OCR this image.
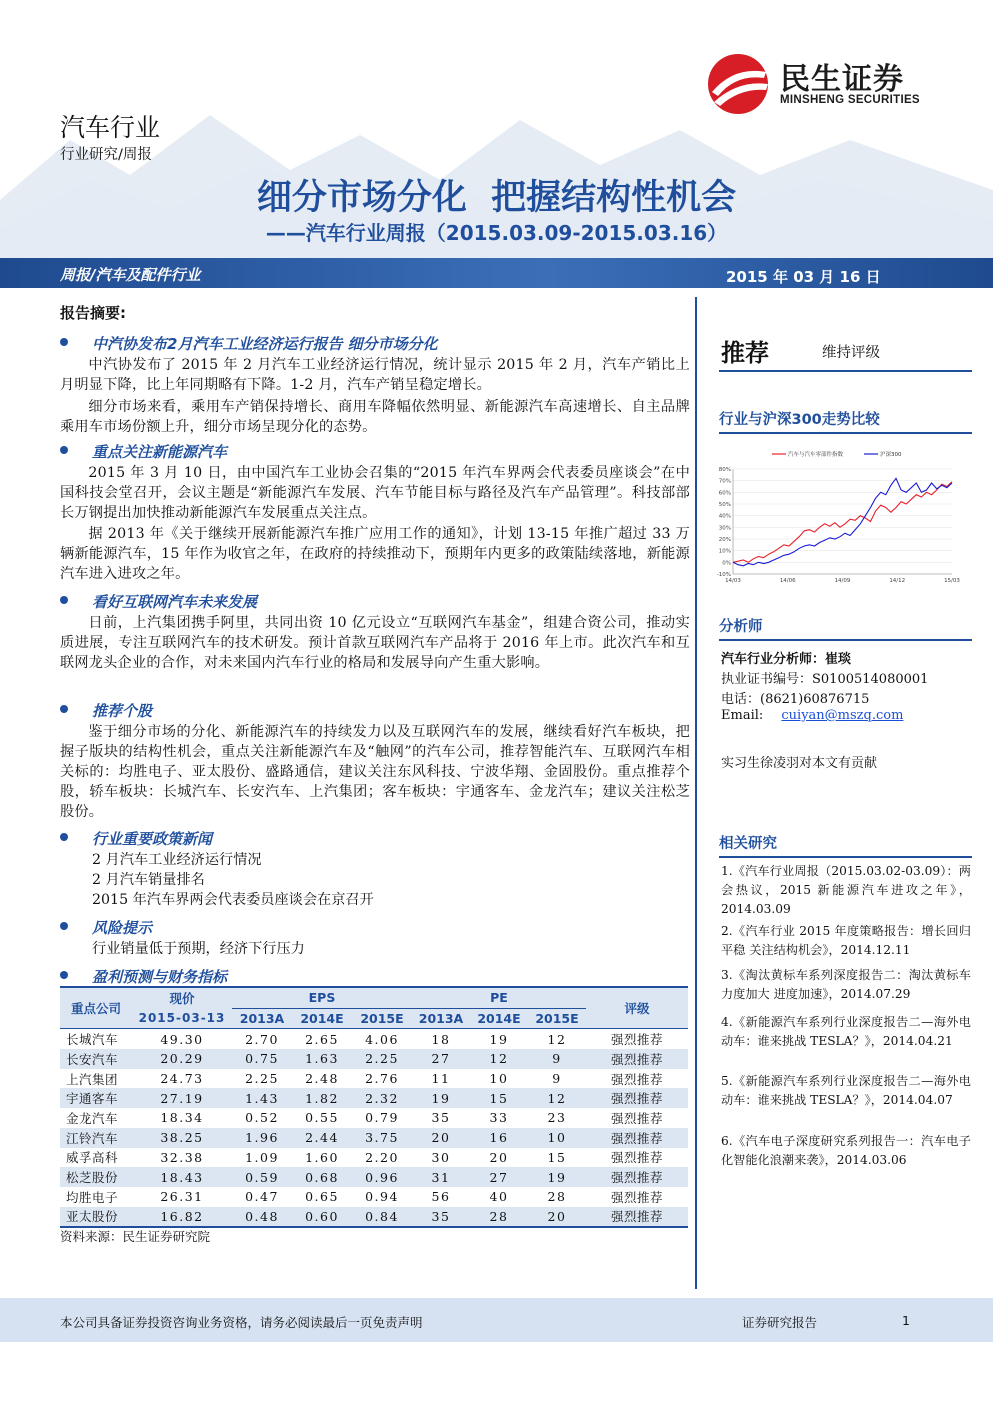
民生证券
MINSHENG SECURITIES
汽车行业
行业研究/周报
细分市场分化  把握结构性机会
——汽车行业周报（2015.03.09-2015.03.16）
周报/汽车及配件行业	2015 年 03 月 16 日
报告摘要:
中汽协发布2月汽车工业经济运行报告 细分市场分化
中汽协发布了 2015 年 2 月汽车工业经济运行情况，统计显示 2015 年 2 月，汽车产销比上月明显下降，比上年同期略有下降。1-2 月，汽车产销呈稳定增长。
细分市场来看，乘用车产销保持增长、商用车降幅依然明显、新能源汽车高速增长、自主品牌乘用车市场份额上升，细分市场呈现分化的态势。
重点关注新能源汽车
2015 年 3 月 10 日，由中国汽车工业协会召集的“2015 年汽车界两会代表委员座谈会”在中国科技会堂召开，会议主题是“新能源汽车发展、汽车节能目标与路径及汽车产品管理”。科技部部长万钢提出加快推动新能源汽车发展重点关注点。
据 2013 年《关于继续开展新能源汽车推广应用工作的通知》，计划 13-15 年推广超过 33 万辆新能源汽车，15 年作为收官之年，在政府的持续推动下，预期年内更多的政策陆续落地，新能源汽车进入进攻之年。
看好互联网汽车未来发展
日前，上汽集团携手阿里，共同出资 10 亿元设立“互联网汽车基金”，组建合资公司，推动实质进展，专注互联网汽车的技术研发。预计首款互联网汽车产品将于 2016 年上市。此次汽车和互联网龙头企业的合作，对未来国内汽车行业的格局和发展导向产生重大影响。
推荐个股
鉴于细分市场的分化、新能源汽车的持续发力以及互联网汽车的发展，继续看好汽车板块，把握子版块的结构性机会，重点关注新能源汽车及“触网”的汽车公司，推荐智能汽车、互联网汽车相关标的：均胜电子、亚太股份、盛路通信，建议关注东风科技、宁波华翔、金固股份。重点推荐个股，轿车板块：长城汽车、长安汽车、上汽集团；客车板块：宇通客车、金龙汽车；建议关注松芝股份。
行业重要政策新闻
2 月汽车工业经济运行情况
2 月汽车销量排名
2015 年汽车界两会代表委员座谈会在京召开
风险提示
行业销量低于预期，经济下行压力
盈利预测与财务指标
重点公司	现价	EPS			PE			评级
	2015-03-13	2013A	2014E	2015E	2013A	2014E	2015E	
长城汽车	49.30	2.70	2.65	4.06	18	19	12	强烈推荐
长安汽车	20.29	0.75	1.63	2.25	27	12	9	强烈推荐
上汽集团	24.73	2.25	2.48	2.76	11	10	9	强烈推荐
宇通客车	27.19	1.43	1.82	2.32	19	15	12	强烈推荐
金龙汽车	18.34	0.52	0.55	0.79	35	33	23	强烈推荐
江铃汽车	38.25	1.96	2.44	3.75	20	16	10	强烈推荐
威孚高科	32.38	1.09	1.60	2.20	30	20	15	强烈推荐
松芝股份	18.43	0.59	0.68	0.96	31	27	19	强烈推荐
均胜电子	26.31	0.47	0.65	0.94	56	40	28	强烈推荐
亚太股份	16.82	0.48	0.60	0.84	35	28	20	强烈推荐
资料来源：民生证券研究院
推荐	维持评级
行业与沪深300走势比较
-10%
0%
10%
20%
30%
40%
50%
60%
70%
80%
14/03	14/06	14/09	14/12	15/03
汽车与汽车零部件指数	沪深300
分析师
汽车行业分析师：崔琰
执业证书编号：S0100514080001
电话：(8621)60876715
Email: cuiyan@mszq.com
实习生徐凌羽对本文有贡献
相关研究
1.《汽车行业周报（2015.03.02-03.09）：两会热议，2015 新能源汽车进攻之年》，2014.03.09
2.《汽车行业 2015 年度策略报告：增长回归平稳 关注结构机会》，2014.12.11
3.《淘汰黄标车系列深度报告二：淘汰黄标车力度加大 进度加速》，2014.07.29
4.《新能源汽车系列行业深度报告二—海外电动车：谁来挑战 TESLA？》，2014.04.21
5.《新能源汽车系列行业深度报告二—海外电动车：谁来挑战 TESLA？》，2014.04.07
6.《汽车电子深度研究系列报告一：汽车电子化智能化浪潮来袭》，2014.03.06
本公司具备证券投资咨询业务资格，请务必阅读最后一页免责声明	证券研究报告	1
